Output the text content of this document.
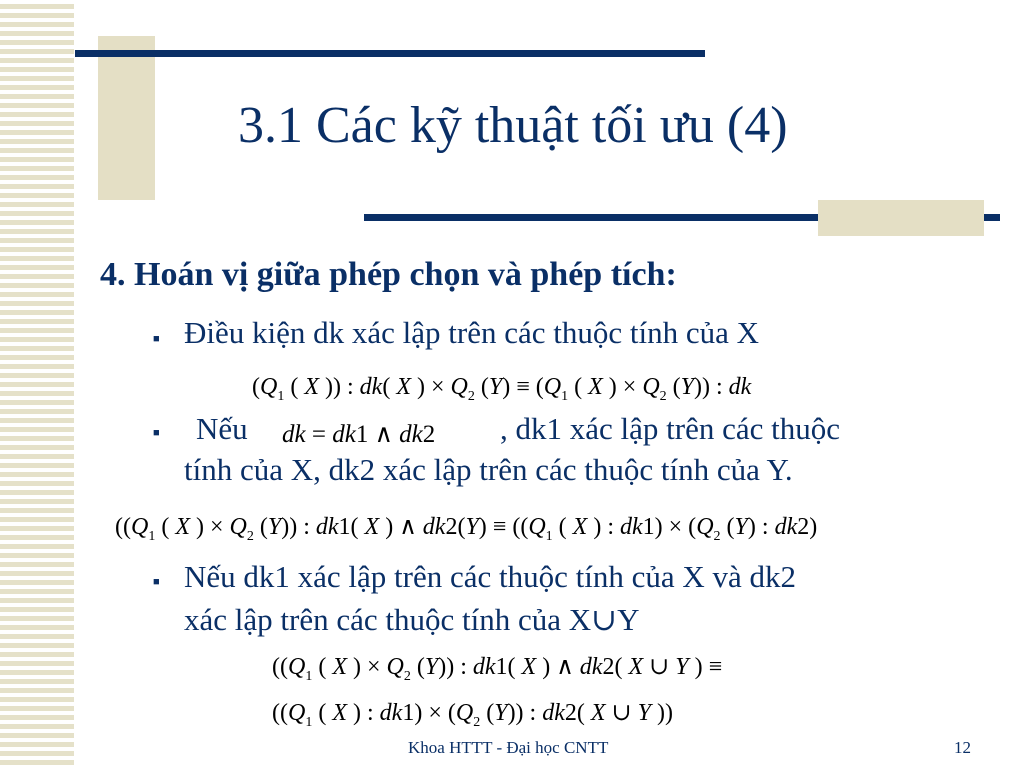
3.1 Các kỹ thuật tối ưu (4)
4. Hoán vị giữa phép chọn và phép tích:
■ Điều kiện dk xác lập trên các thuộc tính của X
($Q_1$ ( X )) : dk( X ) × $Q_2$ $(Y) \equiv (Q_1$ ( X ) × $Q_2$ (Y)) : dk
■ Nếu dk = dk1 ∧ dk2 , dk1 xác lập trên các thuộc
tính của X, dk2 xác lập trên các thuộc tính của Y.
(($Q_1$ ( X ) × $Q_2$ (Y)) : dk1( X ) ∧ $dk2(Y) \equiv ((Q_1$ ( X ) : $dk1) \times (Q_2$ (Y) : dk2)
■ Nếu dk1 xác lập trên các thuộc tính của X và dk2
xác lập trên các thuộc tính của X∪Y
(($Q_1$ ( X ) × $Q_2$ (Y)) : dk1( X ) ∧ dk2( X ∪ Y ) ≡
(($Q_1$ ( X ) : $dk1) \times (Q_2$ (Y)) : dk2( X ∪ Y ))
Khoa HTTT - Đại học CNTT	12
